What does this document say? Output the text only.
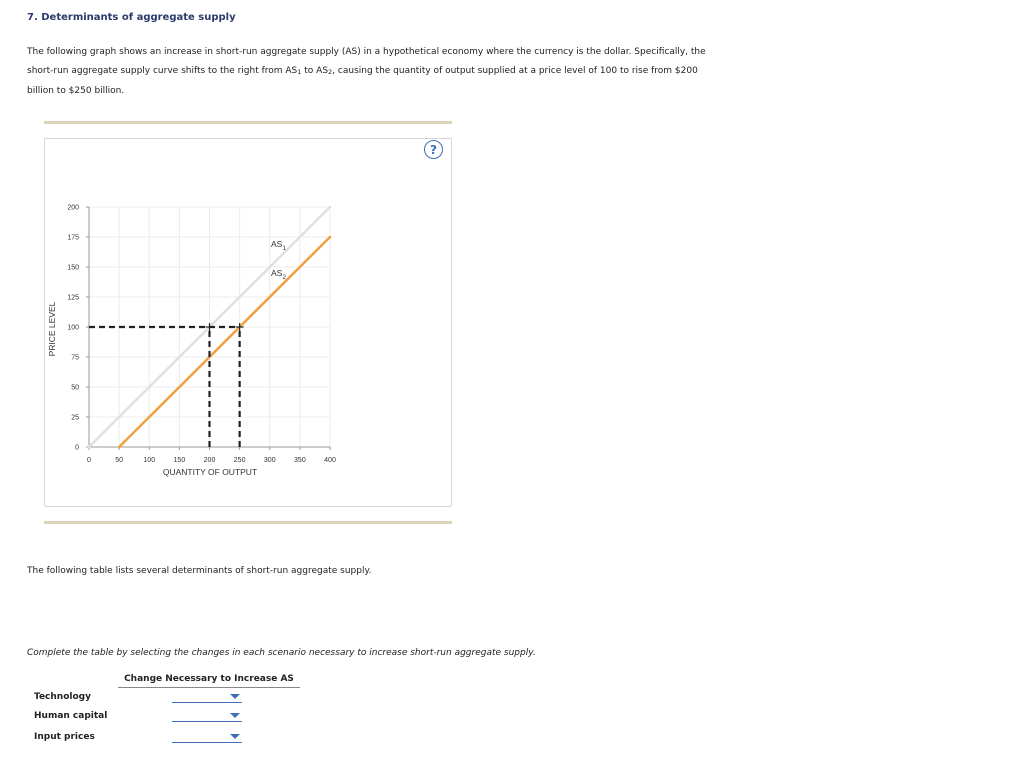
7. Determinants of aggregate supply
The following graph shows an increase in short-run aggregate supply (AS) in a hypothetical economy where the currency is the dollar. Specifically, the short-run aggregate supply curve shifts to the right from AS1 to AS2, causing the quantity of output supplied at a price level of 100 to rise from $200 billion to $250 billion.
?
0
25
50
75
100
125
150
175
200
0	50	100	150	200	250	300	350	400
PRICE LEVEL
QUANTITY OF OUTPUT
$AS_1$
$AS_2$
The following table lists several determinants of short-run aggregate supply.
Complete the table by selecting the changes in each scenario necessary to increase short-run aggregate supply.
Change Necessary to Increase AS
Technology
Human capital
Input prices
